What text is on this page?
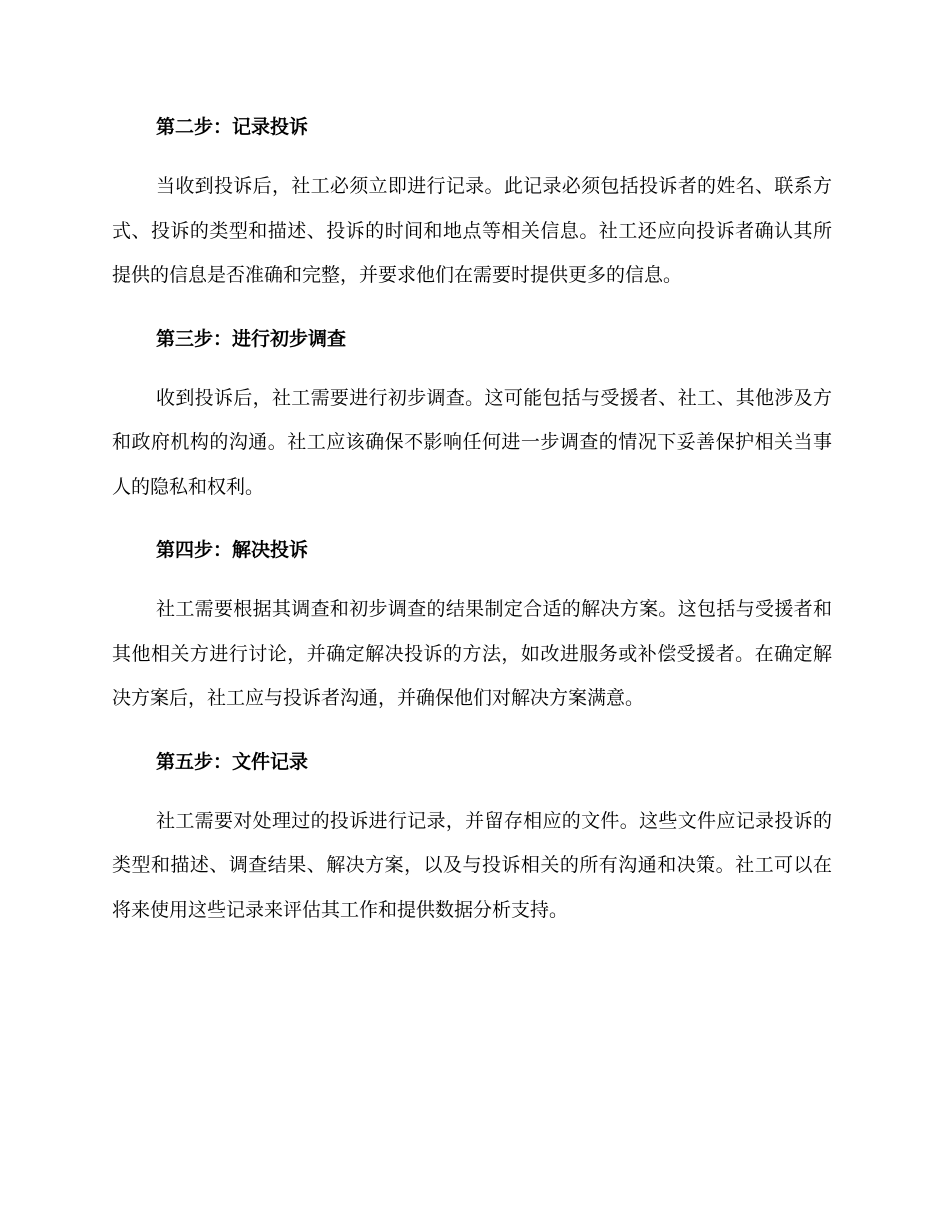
第二步：记录投诉

当收到投诉后，社工必须立即进行记录。此记录必须包括投诉者的姓名、联系方式、投诉的类型和描述、投诉的时间和地点等相关信息。社工还应向投诉者确认其所提供的信息是否准确和完整，并要求他们在需要时提供更多的信息。

第三步：进行初步调查

收到投诉后，社工需要进行初步调查。这可能包括与受援者、社工、其他涉及方和政府机构的沟通。社工应该确保不影响任何进一步调查的情况下妥善保护相关当事人的隐私和权利。

第四步：解决投诉

社工需要根据其调查和初步调查的结果制定合适的解决方案。这包括与受援者和其他相关方进行讨论，并确定解决投诉的方法，如改进服务或补偿受援者。在确定解决方案后，社工应与投诉者沟通，并确保他们对解决方案满意。

第五步：文件记录

社工需要对处理过的投诉进行记录，并留存相应的文件。这些文件应记录投诉的类型和描述、调查结果、解决方案，以及与投诉相关的所有沟通和决策。社工可以在将来使用这些记录来评估其工作和提供数据分析支持。
